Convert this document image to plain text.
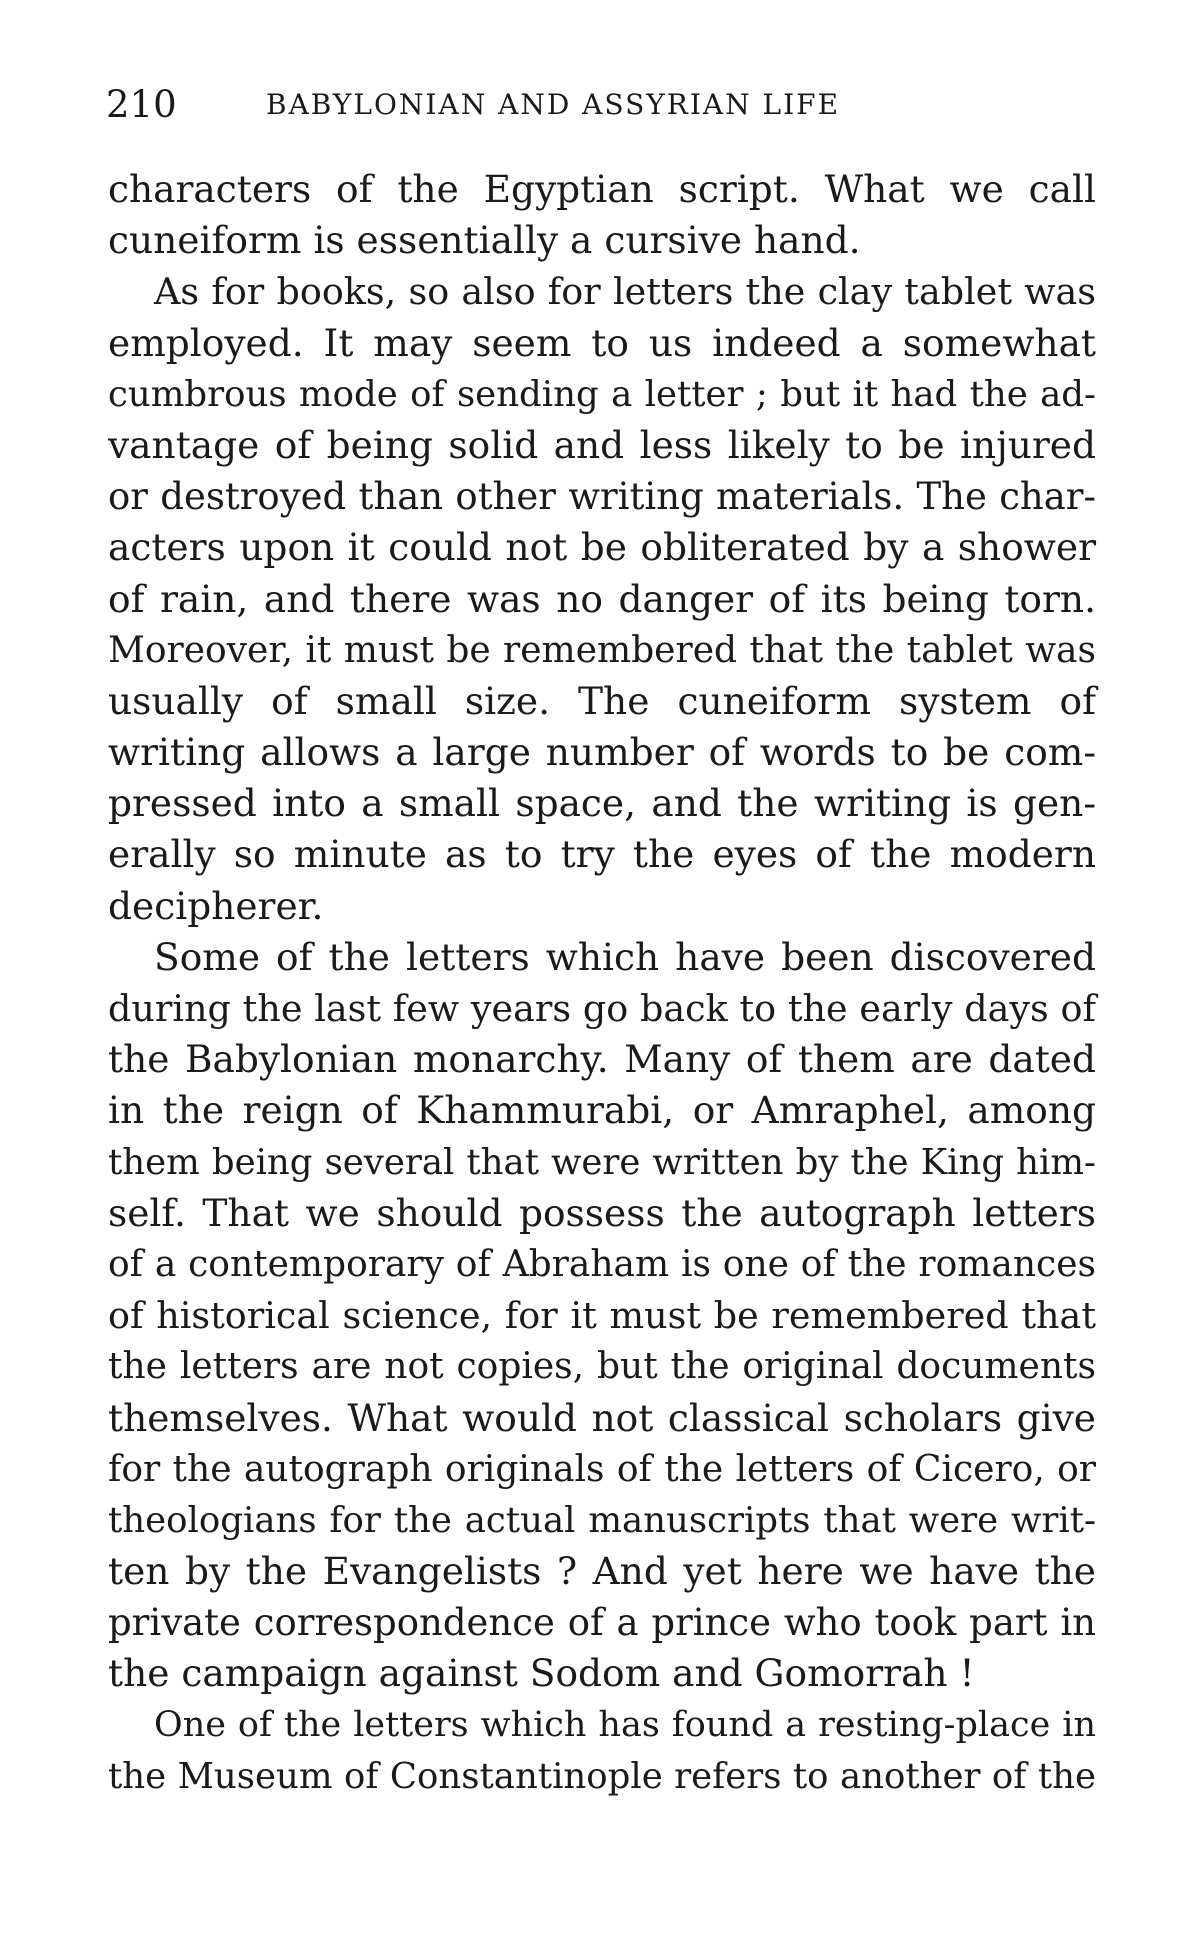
210	BABYLONIAN AND ASSYRIAN LIFE
characters of the Egyptian script. What we call
cuneiform is essentially a cursive hand.
As for books, so also for letters the clay tablet was
employed. It may seem to us indeed a somewhat
cumbrous mode of sending a letter ; but it had the ad-
vantage of being solid and less likely to be injured
or destroyed than other writing materials. The char-
acters upon it could not be obliterated by a shower
of rain, and there was no danger of its being torn.
Moreover, it must be remembered that the tablet was
usually of small size. The cuneiform system of
writing allows a large number of words to be com-
pressed into a small space, and the writing is gen-
erally so minute as to try the eyes of the modern
decipherer.
Some of the letters which have been discovered
during the last few years go back to the early days of
the Babylonian monarchy. Many of them are dated
in the reign of Khammurabi, or Amraphel, among
them being several that were written by the King him-
self. That we should possess the autograph letters
of a contemporary of Abraham is one of the romances
of historical science, for it must be remembered that
the letters are not copies, but the original documents
themselves. What would not classical scholars give
for the autograph originals of the letters of Cicero, or
theologians for the actual manuscripts that were writ-
ten by the Evangelists ? And yet here we have the
private correspondence of a prince who took part in
the campaign against Sodom and Gomorrah !
One of the letters which has found a resting-place in
the Museum of Constantinople refers to another of the
